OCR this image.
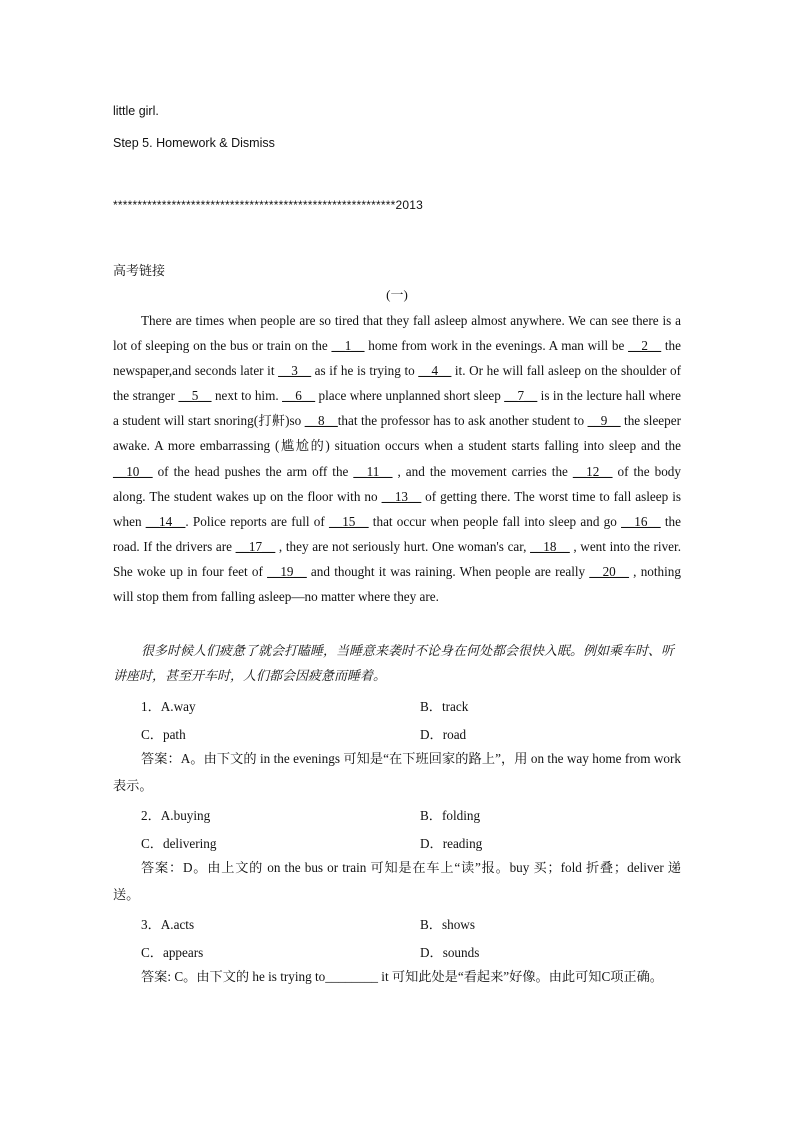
little girl.
Step 5. Homework & Dismiss
**********************************************************2013
高考链接
(一)
There are times when people are so tired that they fall asleep almost anywhere. We can see there is a lot of sleeping on the bus or train on the __1__ home from work in the evenings. A man will be __2__ the newspaper,and seconds later it __3__ as if he is trying to __4__ it. Or he will fall asleep on the shoulder of the stranger __5__ next to him. __6__ place where unplanned short sleep __7__ is in the lecture hall where a student will start snoring(打鼾)so __8__that the professor has to ask another student to __9__ the sleeper awake. A more embarrassing (尴尬的) situation occurs when a student starts falling into sleep and the __10__ of the head pushes the arm off the __11__ , and the movement carries the __12__ of the body along. The student wakes up on the floor with no __13__ of getting there. The worst time to fall asleep is when __14__. Police reports are full of __15__ that occur when people fall into sleep and go __16__ the road. If the drivers are __17__ , they are not seriously hurt. One woman's car, __18__ , went into the river. She woke up in four feet of __19__ and thought it was raining. When people are really __20__ , nothing will stop them from falling asleep—no matter where they are.
很多时候人们疲惫了就会打瞌睡，当睡意来袭时不论身在何处都会很快入眠。例如乘车时、听讲座时，甚至开车时，人们都会因疲惫而睡着。
1．A.way	B．track
C．path	D．road
答案：A。由下文的 in the evenings 可知是“在下班回家的路上”，用 on the way home from work 表示。
2．A.buying	B．folding
C．delivering	D．reading
答案：D。由上文的 on the bus or train 可知是在车上“读”报。buy 买；fold 折叠；deliver 递送。
3．A.acts	B．shows
C．appears	D．sounds
答案: C。由下文的 he is trying to________ it 可知此处是“看起来”好像。由此可知C项正确。
